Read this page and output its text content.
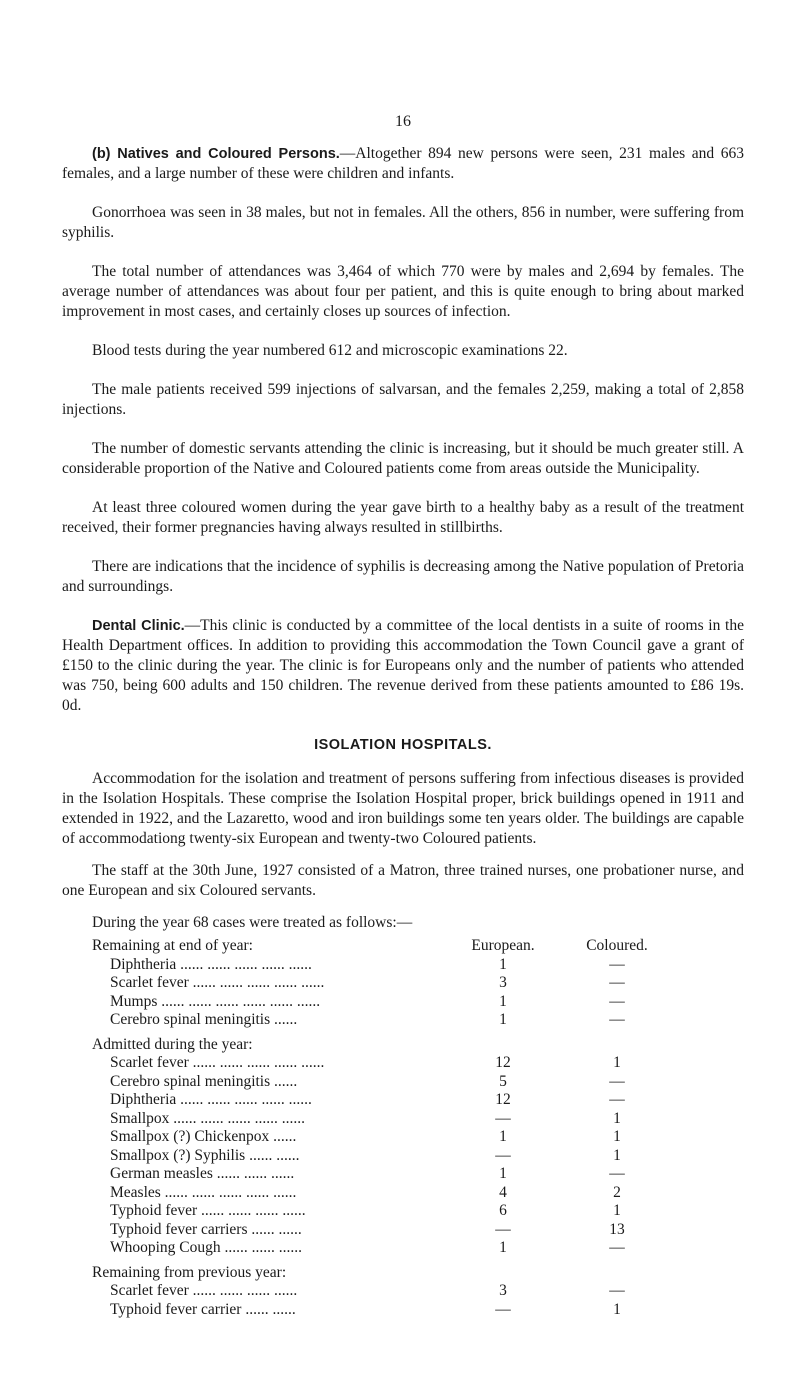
16

(b) Natives and Coloured Persons.—Altogether 894 new persons were seen, 231 males and 663 females, and a large number of these were children and infants.

Gonorrhoea was seen in 38 males, but not in females. All the others, 856 in number, were suffering from syphilis.

The total number of attendances was 3,464 of which 770 were by males and 2,694 by females. The average number of attendances was about four per patient, and this is quite enough to bring about marked improvement in most cases, and certainly closes up sources of infection.

Blood tests during the year numbered 612 and microscopic examinations 22.

The male patients received 599 injections of salvarsan, and the females 2,259, making a total of 2,858 injections.

The number of domestic servants attending the clinic is increasing, but it should be much greater still. A considerable proportion of the Native and Coloured patients come from areas outside the Municipality.

At least three coloured women during the year gave birth to a healthy baby as a result of the treatment received, their former pregnancies having always resulted in stillbirths.

There are indications that the incidence of syphilis is decreasing among the Native population of Pretoria and surroundings.

Dental Clinic.—This clinic is conducted by a committee of the local dentists in a suite of rooms in the Health Department offices. In addition to providing this accommodation the Town Council gave a grant of £150 to the clinic during the year. The clinic is for Europeans only and the number of patients who attended was 750, being 600 adults and 150 children. The revenue derived from these patients amounted to £86 19s. 0d.

ISOLATION HOSPITALS.

Accommodation for the isolation and treatment of persons suffering from infectious diseases is provided in the Isolation Hospitals. These comprise the Isolation Hospital proper, brick buildings opened in 1911 and extended in 1922, and the Lazaretto, wood and iron buildings some ten years older. The buildings are capable of accommodationg twenty-six European and twenty-two Coloured patients.

The staff at the 30th June, 1927 consisted of a Matron, three trained nurses, one probationer nurse, and one European and six Coloured servants.

During the year 68 cases were treated as follows:—

Remaining at end of year:	European.	Coloured.
Diphtheria ...... ...... ...... ...... ......	1	—
Scarlet fever ...... ...... ...... ...... ......	3	—
Mumps ...... ...... ...... ...... ...... ......	1	—
Cerebro spinal meningitis ......	1	—
Admitted during the year:
Scarlet fever ...... ...... ...... ...... ......	12	1
Cerebro spinal meningitis ......	5	—
Diphtheria ...... ...... ...... ...... ......	12	—
Smallpox ...... ...... ...... ...... ......	—	1
Smallpox (?) Chickenpox ......	1	1
Smallpox (?) Syphilis ...... ......	—	1
German measles ...... ...... ......	1	—
Measles ...... ...... ...... ...... ......	4	2
Typhoid fever ...... ...... ...... ......	6	1
Typhoid fever carriers ...... ......	—	13
Whooping Cough ...... ...... ......	1	—
Remaining from previous year:
Scarlet fever ...... ...... ...... ......	3	—
Typhoid fever carrier ...... ......	—	1
